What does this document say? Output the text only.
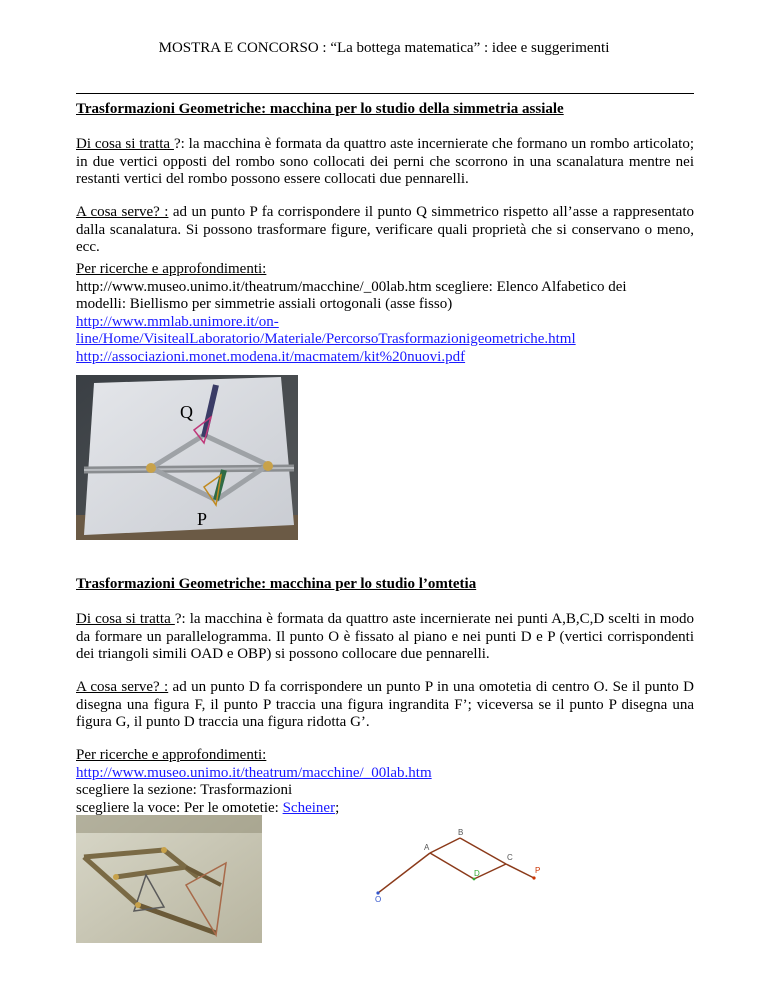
MOSTRA E CONCORSO : “La bottega matematica” : idee e suggerimenti
Trasformazioni Geometriche: macchina per lo studio della simmetria assiale
Di cosa si tratta ?: la macchina è formata da quattro aste incernierate che formano un rombo articolato; in due vertici opposti del rombo sono collocati dei perni che scorrono in una scanalatura mentre nei restanti vertici del rombo possono essere collocati due pennarelli.
A cosa serve? : ad un punto P fa corrispondere il punto Q simmetrico rispetto all’asse a rappresentato dalla scanalatura. Si possono trasformare figure, verificare quali proprietà che si conservano o meno, ecc.
Per ricerche e approfondimenti:
http://www.museo.unimo.it/theatrum/macchine/_00lab.htm scegliere: Elenco Alfabetico dei
modelli: Biellismo per simmetrie assiali ortogonali (asse fisso)
http://www.mmlab.unimore.it/on-
line/Home/VisitealLaboratorio/Materiale/PercorsoTrasformazionigeometriche.html
http://associazioni.monet.modena.it/macmatem/kit%20nuovi.pdf
Q
P
Trasformazioni Geometriche: macchina per lo studio l’omtetia
Di cosa si tratta ?: la macchina è formata da quattro aste incernierate nei punti A,B,C,D scelti in modo da formare un parallelogramma. Il punto O è fissato al piano e nei punti D e P (vertici corrispondenti dei triangoli simili OAD e OBP) si possono collocare due pennarelli.
A cosa serve? : ad un punto D fa corrispondere un punto P in una omotetia di centro O. Se il punto D disegna una figura F, il punto P traccia una figura ingrandita F’; viceversa se il punto P disegna una figura G, il punto D traccia una figura ridotta G’.
Per ricerche e approfondimenti:
http://www.museo.unimo.it/theatrum/macchine/_00lab.htm
scegliere la sezione: Trasformazioni
scegliere la voce: Per le omotetie: Scheiner;
A
B
C
D	P
O
